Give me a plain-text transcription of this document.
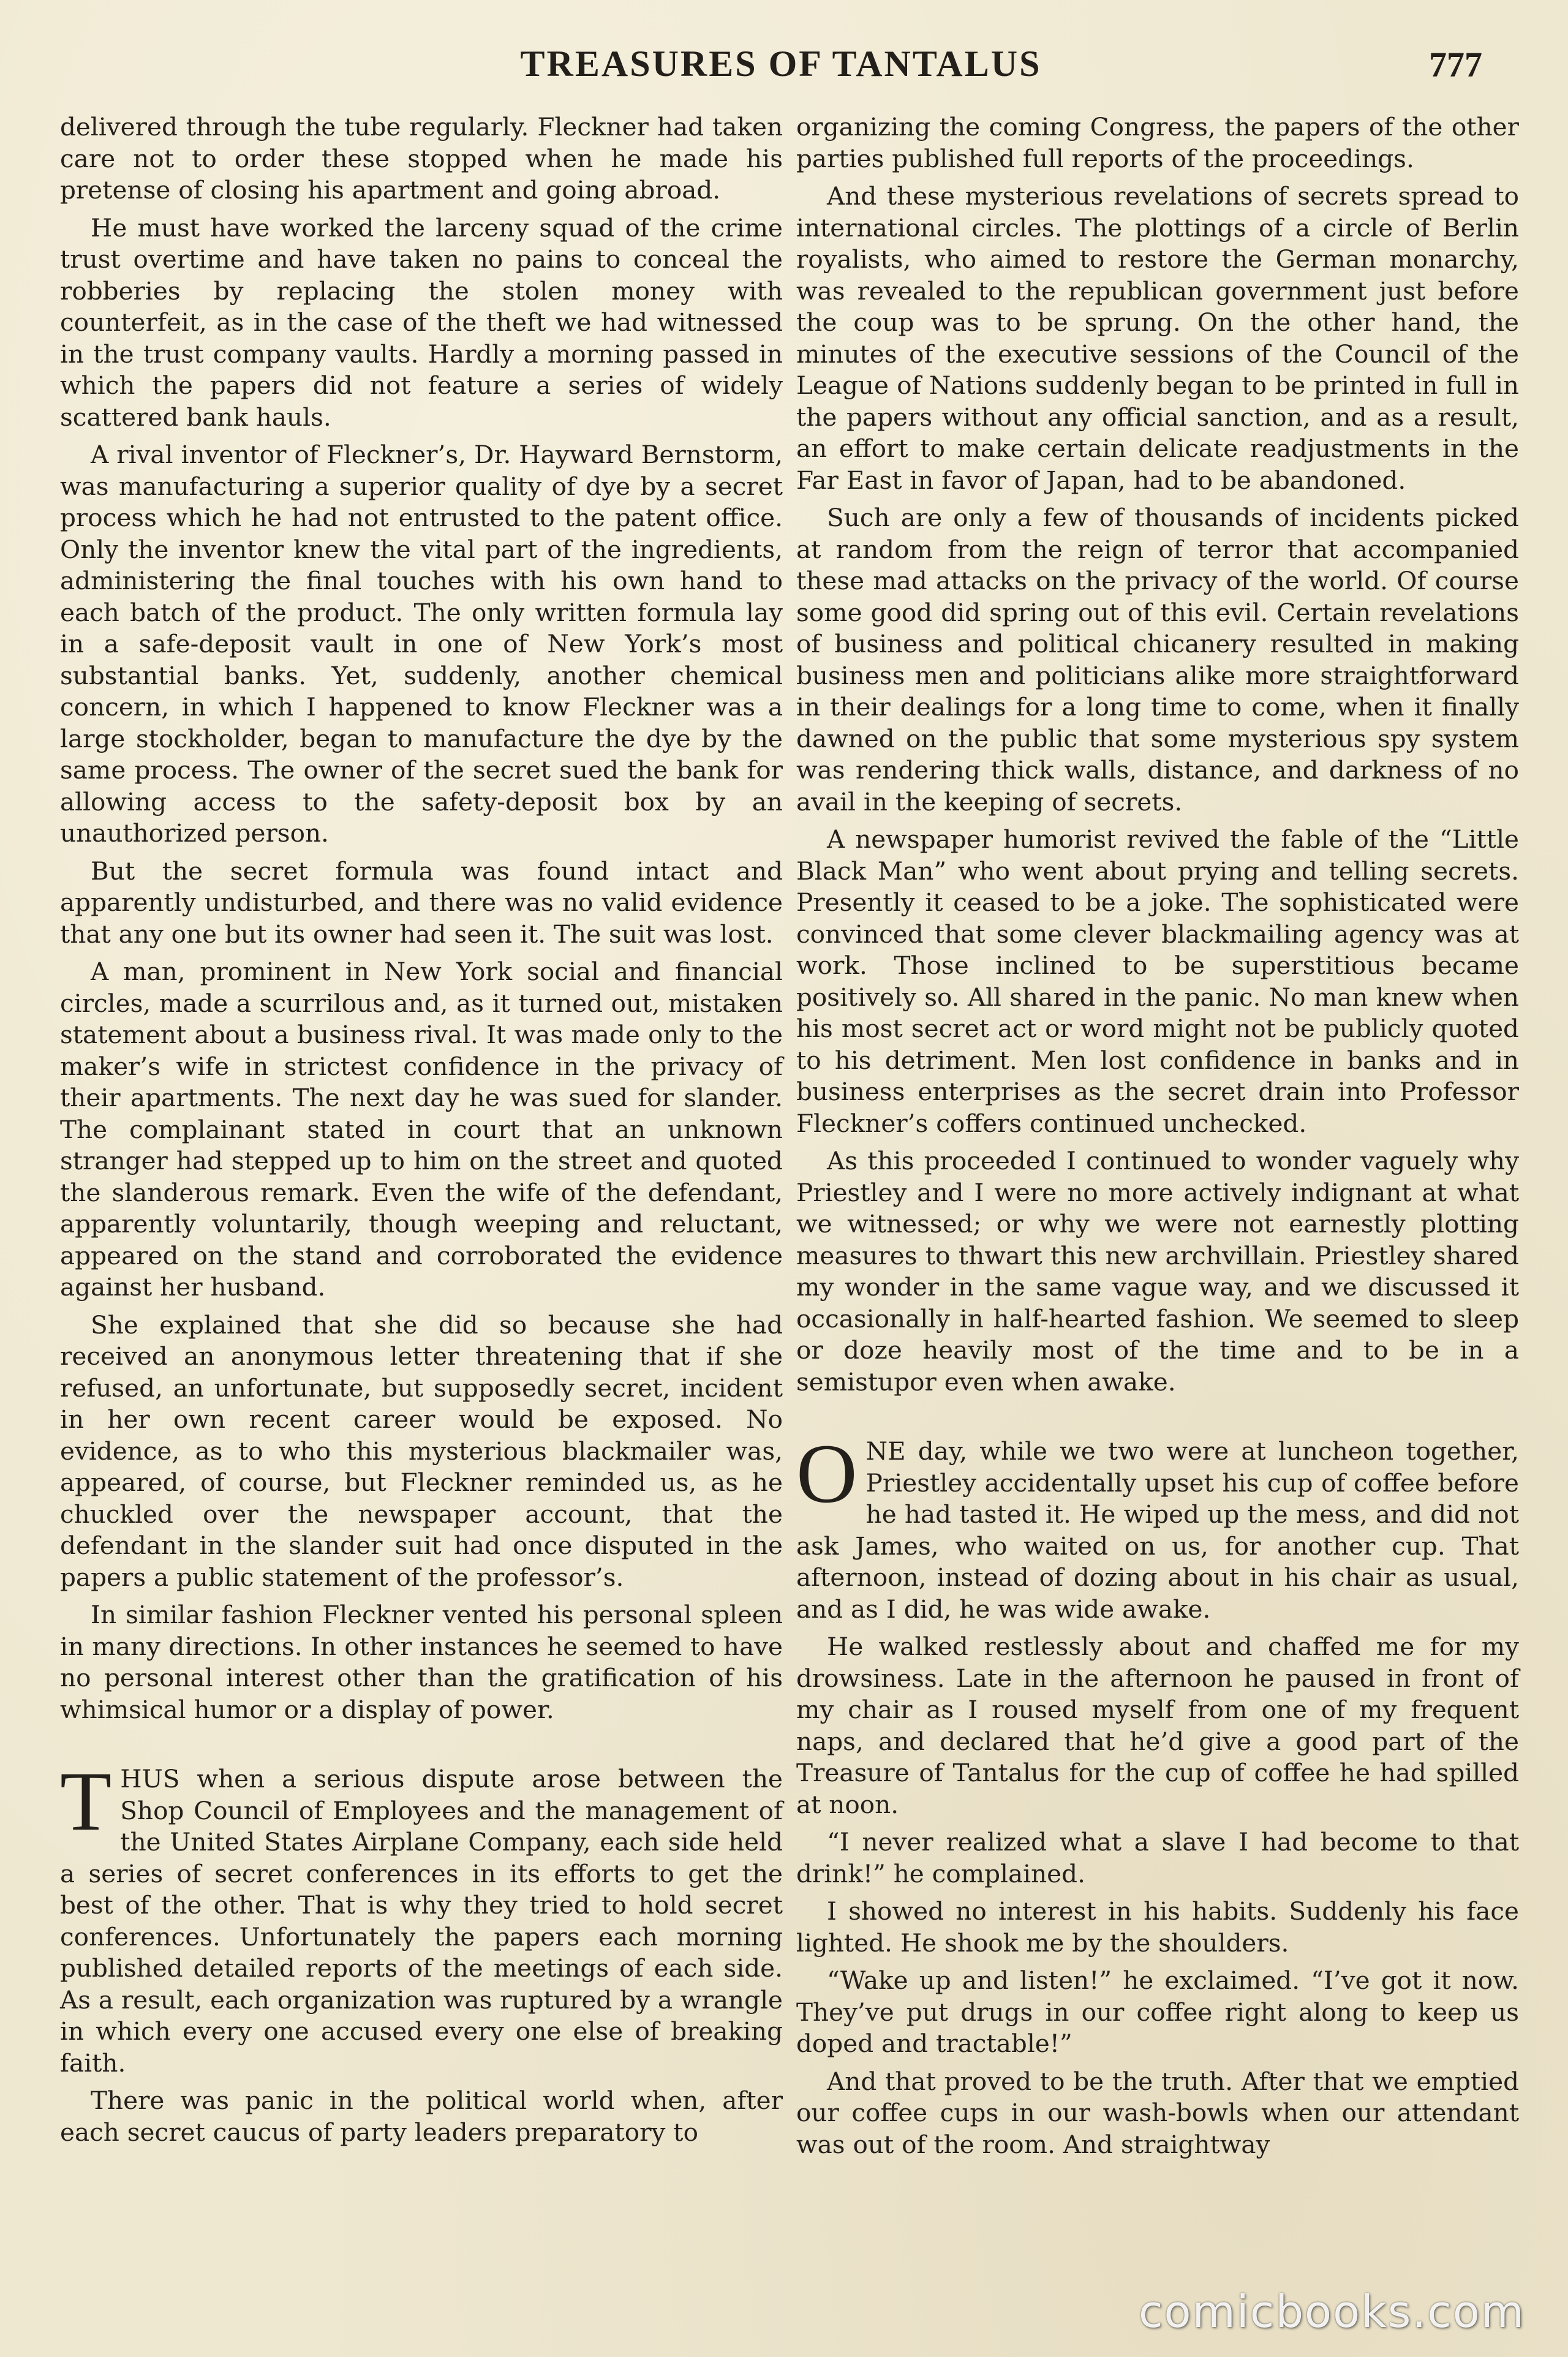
TREASURES OF TANTALUS	777

delivered through the tube regularly. Fleckner had taken care not to order these stopped when he made his pretense of closing his apartment and going abroad.

He must have worked the larceny squad of the crime trust overtime and have taken no pains to conceal the robberies by replacing the stolen money with counterfeit, as in the case of the theft we had witnessed in the trust company vaults. Hardly a morning passed in which the papers did not feature a series of widely scattered bank hauls.

A rival inventor of Fleckner’s, Dr. Hayward Bernstorm, was manufacturing a superior quality of dye by a secret process which he had not entrusted to the patent office. Only the inventor knew the vital part of the ingredients, administering the final touches with his own hand to each batch of the product. The only written formula lay in a safe-deposit vault in one of New York’s most substantial banks. Yet, suddenly, another chemical concern, in which I happened to know Fleckner was a large stockholder, began to manufacture the dye by the same process. The owner of the secret sued the bank for allowing access to the safety-deposit box by an unauthorized person.

But the secret formula was found intact and apparently undisturbed, and there was no valid evidence that any one but its owner had seen it. The suit was lost.

A man, prominent in New York social and financial circles, made a scurrilous and, as it turned out, mistaken statement about a business rival. It was made only to the maker’s wife in strictest confidence in the privacy of their apartments. The next day he was sued for slander. The complainant stated in court that an unknown stranger had stepped up to him on the street and quoted the slanderous remark. Even the wife of the defendant, apparently voluntarily, though weeping and reluctant, appeared on the stand and corroborated the evidence against her husband.

She explained that she did so because she had received an anonymous letter threatening that if she refused, an unfortunate, but supposedly secret, incident in her own recent career would be exposed. No evidence, as to who this mysterious blackmailer was, appeared, of course, but Fleckner reminded us, as he chuckled over the newspaper account, that the defendant in the slander suit had once disputed in the papers a public statement of the professor’s.

In similar fashion Fleckner vented his personal spleen in many directions. In other instances he seemed to have no personal interest other than the gratification of his whimsical humor or a display of power.

THUS when a serious dispute arose between the Shop Council of Employees and the management of the United States Airplane Company, each side held a series of secret conferences in its efforts to get the best of the other. That is why they tried to hold secret conferences. Unfortunately the papers each morning published detailed reports of the meetings of each side. As a result, each organization was ruptured by a wrangle in which every one accused every one else of breaking faith.

There was panic in the political world when, after each secret caucus of party leaders preparatory to

organizing the coming Congress, the papers of the other parties published full reports of the proceedings.

And these mysterious revelations of secrets spread to international circles. The plottings of a circle of Berlin royalists, who aimed to restore the German monarchy, was revealed to the republican government just before the coup was to be sprung. On the other hand, the minutes of the executive sessions of the Council of the League of Nations suddenly began to be printed in full in the papers without any official sanction, and as a result, an effort to make certain delicate readjustments in the Far East in favor of Japan, had to be abandoned.

Such are only a few of thousands of incidents picked at random from the reign of terror that accompanied these mad attacks on the privacy of the world. Of course some good did spring out of this evil. Certain revelations of business and political chicanery resulted in making business men and politicians alike more straightforward in their dealings for a long time to come, when it finally dawned on the public that some mysterious spy system was rendering thick walls, distance, and darkness of no avail in the keeping of secrets.

A newspaper humorist revived the fable of the “Little Black Man” who went about prying and telling secrets. Presently it ceased to be a joke. The sophisticated were convinced that some clever blackmailing agency was at work. Those inclined to be superstitious became positively so. All shared in the panic. No man knew when his most secret act or word might not be publicly quoted to his detriment. Men lost confidence in banks and in business enterprises as the secret drain into Professor Fleckner’s coffers continued unchecked.

As this proceeded I continued to wonder vaguely why Priestley and I were no more actively indignant at what we witnessed; or why we were not earnestly plotting measures to thwart this new archvillain. Priestley shared my wonder in the same vague way, and we discussed it occasionally in half-hearted fashion. We seemed to sleep or doze heavily most of the time and to be in a semistupor even when awake.

ONE day, while we two were at luncheon together, Priestley accidentally upset his cup of coffee before he had tasted it. He wiped up the mess, and did not ask James, who waited on us, for another cup. That afternoon, instead of dozing about in his chair as usual, and as I did, he was wide awake.

He walked restlessly about and chaffed me for my drowsiness. Late in the afternoon he paused in front of my chair as I roused myself from one of my frequent naps, and declared that he’d give a good part of the Treasure of Tantalus for the cup of coffee he had spilled at noon.

“I never realized what a slave I had become to that drink!” he complained.

I showed no interest in his habits. Suddenly his face lighted. He shook me by the shoulders.

“Wake up and listen!” he exclaimed. “I’ve got it now. They’ve put drugs in our coffee right along to keep us doped and tractable!”

And that proved to be the truth. After that we emptied our coffee cups in our wash-bowls when our attendant was out of the room. And straightway

comicbooks.com
